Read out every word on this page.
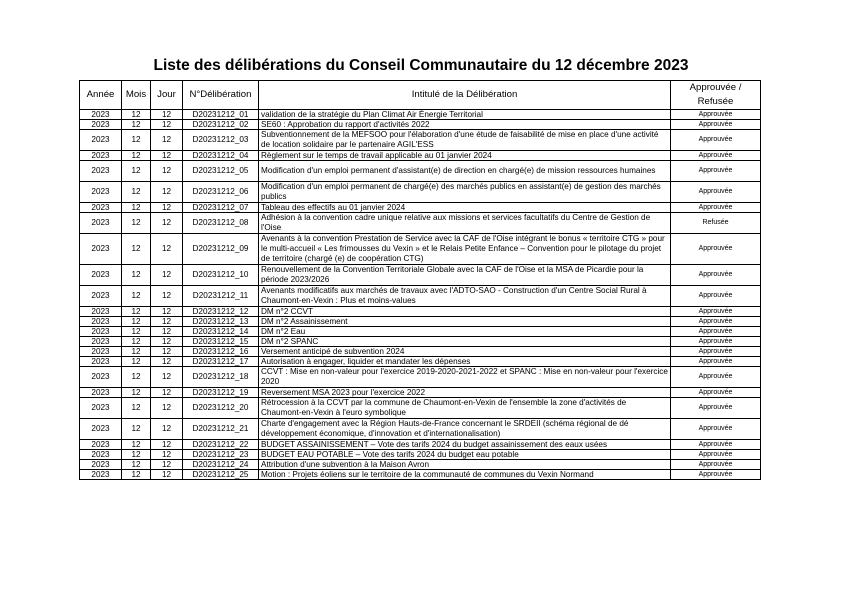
Liste des délibérations du Conseil Communautaire du 12 décembre 2023
Année	Mois	Jour	N°Délibération	Intitulé de la Délibération	Approuvée / Refusée
2023	12	12	D20231212_01	validation de la stratégie du Plan Climat Air Énergie Territorial	Approuvée
2023	12	12	D20231212_02	SE60 : Approbation du rapport d'activités 2022	Approuvée
2023	12	12	D20231212_03	Subventionnement de la MEFSOO pour l'élaboration d'une étude de faisabilité de mise en place d'une activité de location solidaire par le partenaire AGIL'ESS	Approuvée
2023	12	12	D20231212_04	Règlement sur le temps de travail applicable au 01 janvier 2024	Approuvée
2023	12	12	D20231212_05	Modification d'un emploi permanent d'assistant(e) de direction en chargé(e) de mission ressources humaines	Approuvée
2023	12	12	D20231212_06	Modification d'un emploi permanent de chargé(e) des marchés publics en assistant(e) de gestion des marchés publics	Approuvée
2023	12	12	D20231212_07	Tableau des effectifs au 01 janvier 2024	Approuvée
2023	12	12	D20231212_08	Adhésion à la convention cadre unique relative aux missions et services facultatifs du Centre de Gestion de l'Oise	Refusée
2023	12	12	D20231212_09	Avenants à la convention Prestation de Service avec la CAF de l'Oise intégrant le bonus « territoire CTG » pour le multi-accueil « Les frimousses du Vexin » et le Relais Petite Enfance – Convention pour le pilotage du projet de territoire (chargé (e) de coopération CTG)	Approuvée
2023	12	12	D20231212_10	Renouvellement de la Convention Territoriale Globale avec la CAF de l'Oise et la MSA de Picardie pour la période 2023/2026	Approuvée
2023	12	12	D20231212_11	Avenants modificatifs aux marchés de travaux avec l'ADTO-SAO - Construction d'un Centre Social Rural à Chaumont-en-Vexin : Plus et moins-values	Approuvée
2023	12	12	D20231212_12	DM n°2 CCVT	Approuvée
2023	12	12	D20231212_13	DM n°2 Assainissement	Approuvée
2023	12	12	D20231212_14	DM n°2 Eau	Approuvée
2023	12	12	D20231212_15	DM n°2 SPANC	Approuvée
2023	12	12	D20231212_16	Versement anticipé de subvention 2024	Approuvée
2023	12	12	D20231212_17	Autorisation à engager, liquider et mandater les dépenses	Approuvée
2023	12	12	D20231212_18	CCVT : Mise en non-valeur pour l'exercice 2019-2020-2021-2022 et SPANC : Mise en non-valeur pour l'exercice 2020	Approuvée
2023	12	12	D20231212_19	Reversement MSA 2023 pour l'exercice 2022	Approuvée
2023	12	12	D20231212_20	Rétrocession à la CCVT par la commune de Chaumont-en-Vexin de l'ensemble la zone d'activités de Chaumont-en-Vexin à l'euro symbolique	Approuvée
2023	12	12	D20231212_21	Charte d'engagement avec la Région Hauts-de-France concernant le SRDEII (schéma régional de dé développement économique, d'innovation et d'internationalisation)	Approuvée
2023	12	12	D20231212_22	BUDGET ASSAINISSEMENT – Vote des tarifs 2024 du budget assainissement des eaux usées	Approuvée
2023	12	12	D20231212_23	BUDGET EAU POTABLE – Vote des tarifs 2024 du budget eau potable	Approuvée
2023	12	12	D20231212_24	Attribution d'une subvention à la Maison Avron	Approuvée
2023	12	12	D20231212_25	Motion : Projets éoliens sur le territoire de la communauté de communes du Vexin Normand	Approuvée
